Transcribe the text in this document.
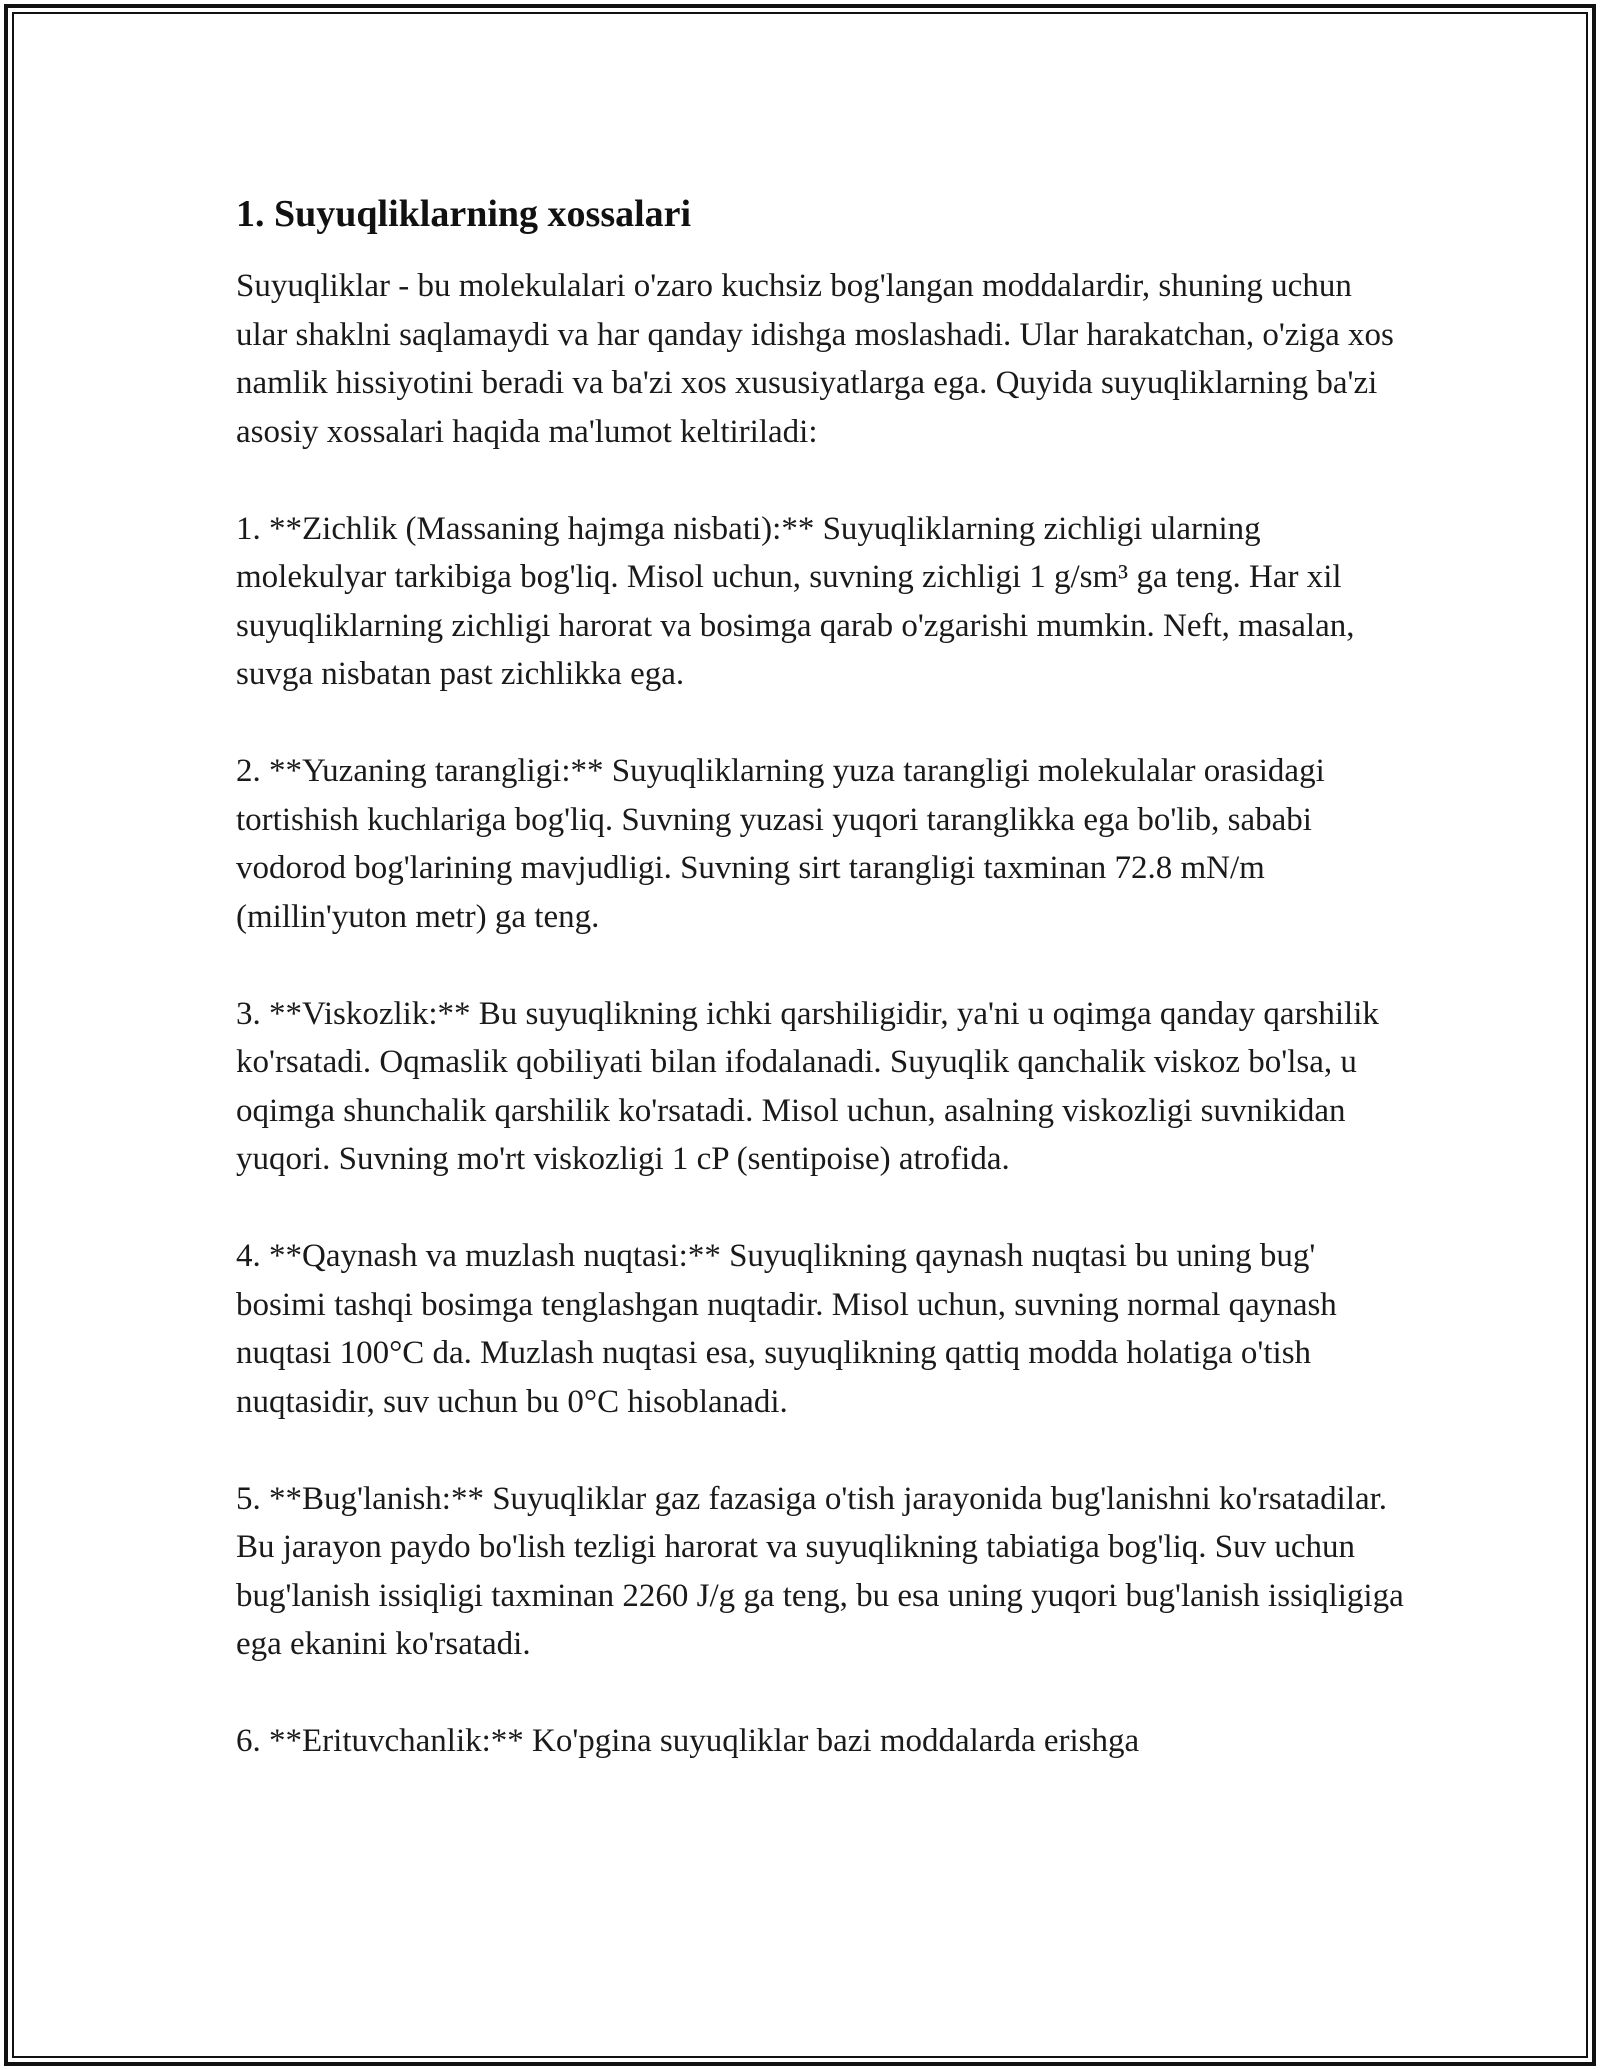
1. Suyuqliklarning xossalari

Suyuqliklar - bu molekulalari o'zaro kuchsiz bog'langan moddalardir, shuning uchun ular shaklni saqlamaydi va har qanday idishga moslashadi. Ular harakatchan, o'ziga xos namlik hissiyotini beradi va ba'zi xos xususiyatlarga ega. Quyida suyuqliklarning ba'zi asosiy xossalari haqida ma'lumot keltiriladi:

1. **Zichlik (Massaning hajmga nisbati):** Suyuqliklarning zichligi ularning molekulyar tarkibiga bog'liq. Misol uchun, suvning zichligi 1 g/sm³ ga teng. Har xil suyuqliklarning zichligi harorat va bosimga qarab o'zgarishi mumkin. Neft, masalan, suvga nisbatan past zichlikka ega.

2. **Yuzaning tarangligi:** Suyuqliklarning yuza tarangligi molekulalar orasidagi tortishish kuchlariga bog'liq. Suvning yuzasi yuqori taranglikka ega bo'lib, sababi vodorod bog'larining mavjudligi. Suvning sirt tarangligi taxminan 72.8 mN/m (millin'yuton metr) ga teng.

3. **Viskozlik:** Bu suyuqlikning ichki qarshiligidir, ya'ni u oqimga qanday qarshilik ko'rsatadi. Oqmaslik qobiliyati bilan ifodalanadi. Suyuqlik qanchalik viskoz bo'lsa, u oqimga shunchalik qarshilik ko'rsatadi. Misol uchun, asalning viskozligi suvnikidan yuqori. Suvning mo'rt viskozligi 1 cP (sentipoise) atrofida.

4. **Qaynash va muzlash nuqtasi:** Suyuqlikning qaynash nuqtasi bu uning bug' bosimi tashqi bosimga tenglashgan nuqtadir. Misol uchun, suvning normal qaynash nuqtasi 100°C da. Muzlash nuqtasi esa, suyuqlikning qattiq modda holatiga o'tish nuqtasidir, suv uchun bu 0°C hisoblanadi.

5. **Bug'lanish:** Suyuqliklar gaz fazasiga o'tish jarayonida bug'lanishni ko'rsatadilar. Bu jarayon paydo bo'lish tezligi harorat va suyuqlikning tabiatiga bog'liq. Suv uchun bug'lanish issiqligi taxminan 2260 J/g ga teng, bu esa uning yuqori bug'lanish issiqligiga ega ekanini ko'rsatadi.

6. **Erituvchanlik:** Ko'pgina suyuqliklar bazi moddalarda erishga
